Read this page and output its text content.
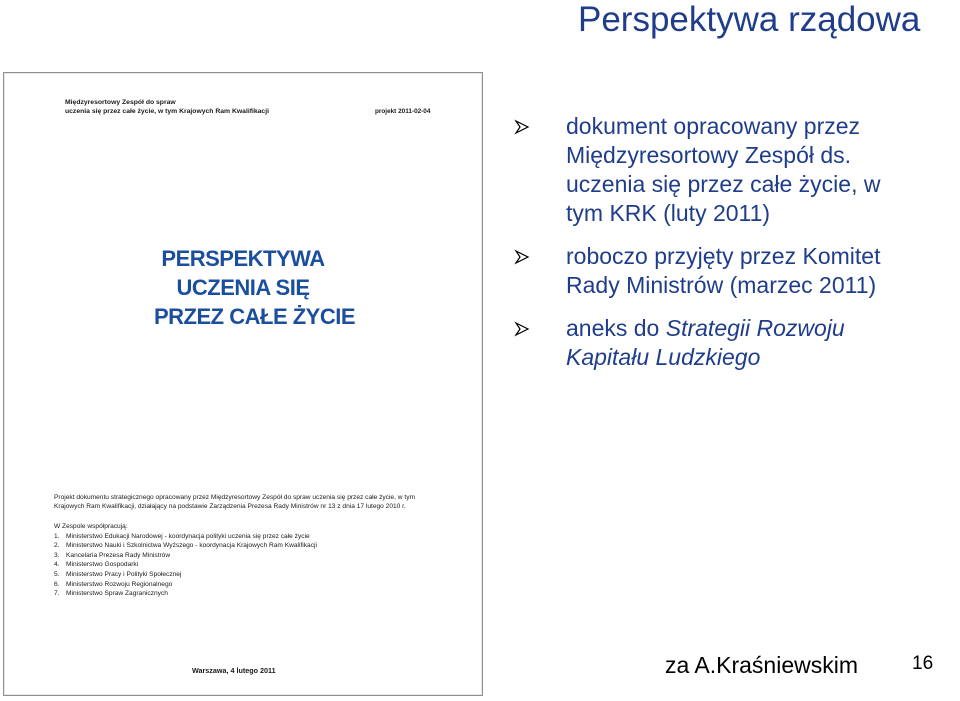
Perspektywa rządowa
Międzyresortowy Zespół do spraw
uczenia się przez całe życie, w tym Krajowych Ram Kwalifikacji	projekt 2011-02-04
PERSPEKTYWA
UCZENIA SIĘ
PRZEZ CAŁE ŻYCIE
Projekt dokumentu strategicznego opracowany przez Międzyresortowy Zespół do spraw uczenia się przez całe życie, w tym
Krajowych Ram Kwalifikacji, działający na podstawie Zarządzenia Prezesa Rady Ministrów nr 13 z dnia 17 lutego 2010 r.
W Zespole współpracują:
1. Ministerstwo Edukacji Narodowej - koordynacja polityki uczenia się przez całe życie
2. Ministerstwo Nauki i Szkolnictwa Wyższego - koordynacja Krajowych Ram Kwalifikacji
3. Kancelaria Prezesa Rady Ministrów
4. Ministerstwo Gospodarki
5. Ministerstwo Pracy i Polityki Społecznej
6. Ministerstwo Rozwoju Regionalnego
7. Ministerstwo Spraw Zagranicznych
Warszawa, 4 lutego 2011
dokument opracowany przez
Międzyresortowy Zespół ds.
uczenia się przez całe życie, w
tym KRK (luty 2011)
roboczo przyjęty przez Komitet
Rady Ministrów (marzec 2011)
aneks do Strategii Rozwoju
Kapitału Ludzkiego
za A.Kraśniewskim	16
